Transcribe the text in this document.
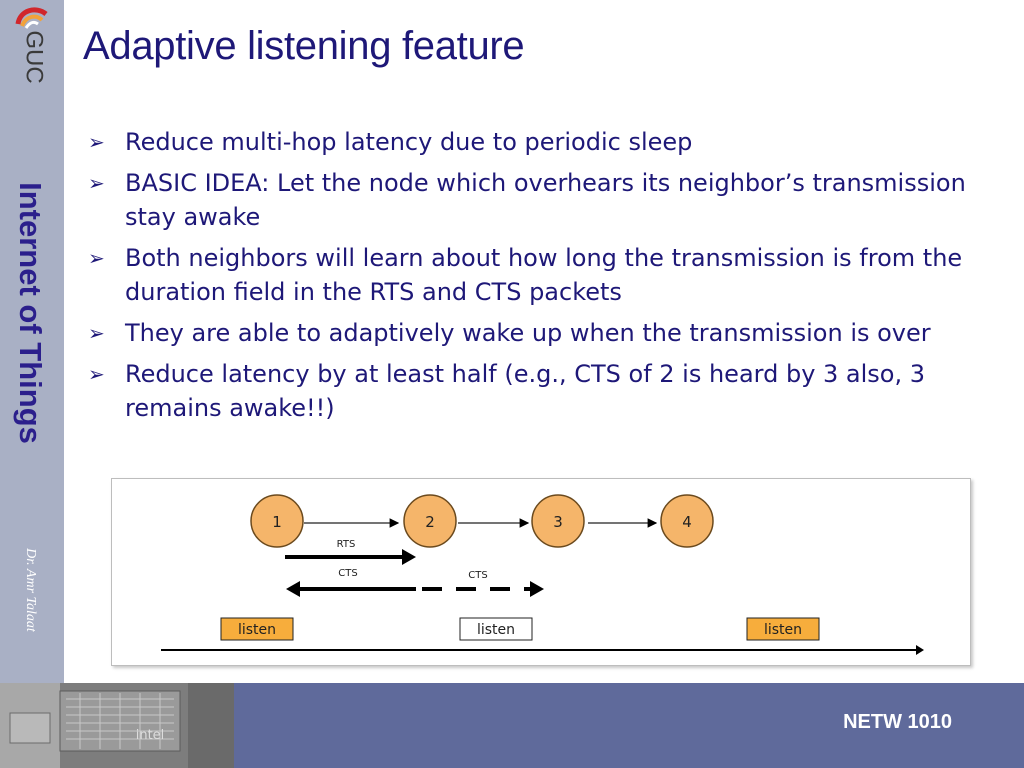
GUC
Internet of Things
Dr. Amr Talaat
Adaptive listening feature
➢ Reduce multi-hop latency due to periodic sleep
➢ BASIC IDEA: Let the node which overhears its neighbor’s transmission stay awake
➢ Both neighbors will learn about how long the transmission is from the duration field in the RTS and CTS packets
➢ They are able to adaptively wake up when the transmission is over
➢ Reduce latency by at least half (e.g., CTS of 2 is heard by 3 also, 3 remains awake!!)
1	2	3	4
RTS
CTS	CTS
listen	listen	listen
intel
NETW 1010
